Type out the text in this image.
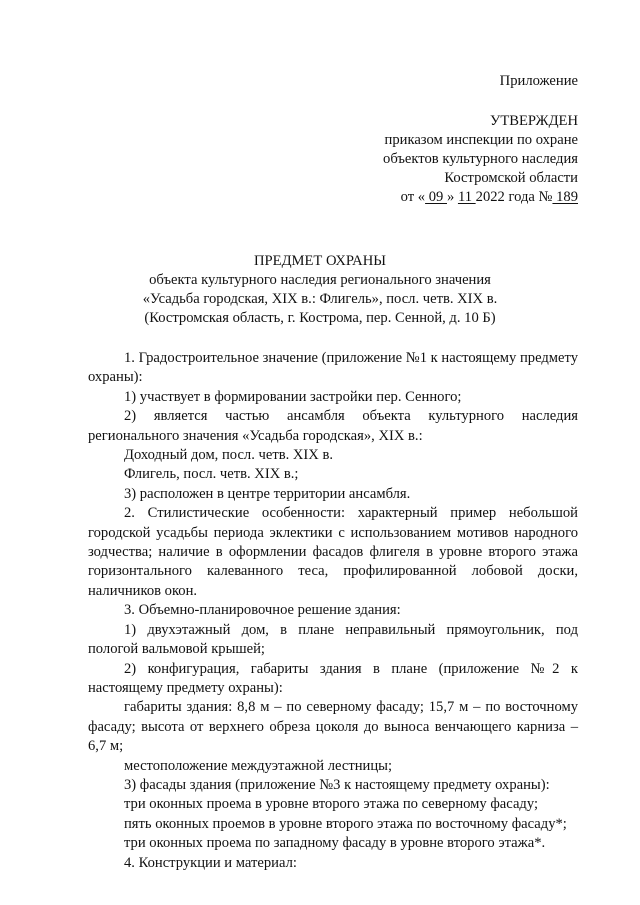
Приложение
УТВЕРЖДЕН
приказом инспекции по охране
объектов культурного наследия
Костромской области
от « 09 » 11 2022 года № 189
ПРЕДМЕТ ОХРАНЫ
объекта культурного наследия регионального значения
«Усадьба городская, XIX в.: Флигель», посл. четв. XIX в.
(Костромская область, г. Кострома, пер. Сенной, д. 10 Б)

1. Градостроительное значение (приложение №1 к настоящему предмету охраны):

1) участвует в формировании застройки пер. Сенного;

2) является частью ансамбля объекта культурного наследия регионального значения «Усадьба городская», XIX в.:

Доходный дом, посл. четв. XIX в.

Флигель, посл. четв. XIX в.;

3) расположен в центре территории ансамбля.

2. Стилистические особенности: характерный пример небольшой городской усадьбы периода эклектики с использованием мотивов народного зодчества; наличие в оформлении фасадов флигеля в уровне второго этажа горизонтального калеванного теса, профилированной лобовой доски, наличников окон.

3. Объемно-планировочное решение здания:

1) двухэтажный дом, в плане неправильный прямоугольник, под пологой вальмовой крышей;

2) конфигурация, габариты здания в плане (приложение №2 к настоящему предмету охраны):

габариты здания: 8,8 м – по северному фасаду; 15,7 м – по восточному фасаду; высота от верхнего обреза цоколя до выноса венчающего карниза – 6,7 м;

местоположение междуэтажной лестницы;

3) фасады здания (приложение №3 к настоящему предмету охраны):

три оконных проема в уровне второго этажа по северному фасаду;

пять оконных проемов в уровне второго этажа по восточному фасаду*;

три оконных проема по западному фасаду в уровне второго этажа*.

4. Конструкции и материал:
